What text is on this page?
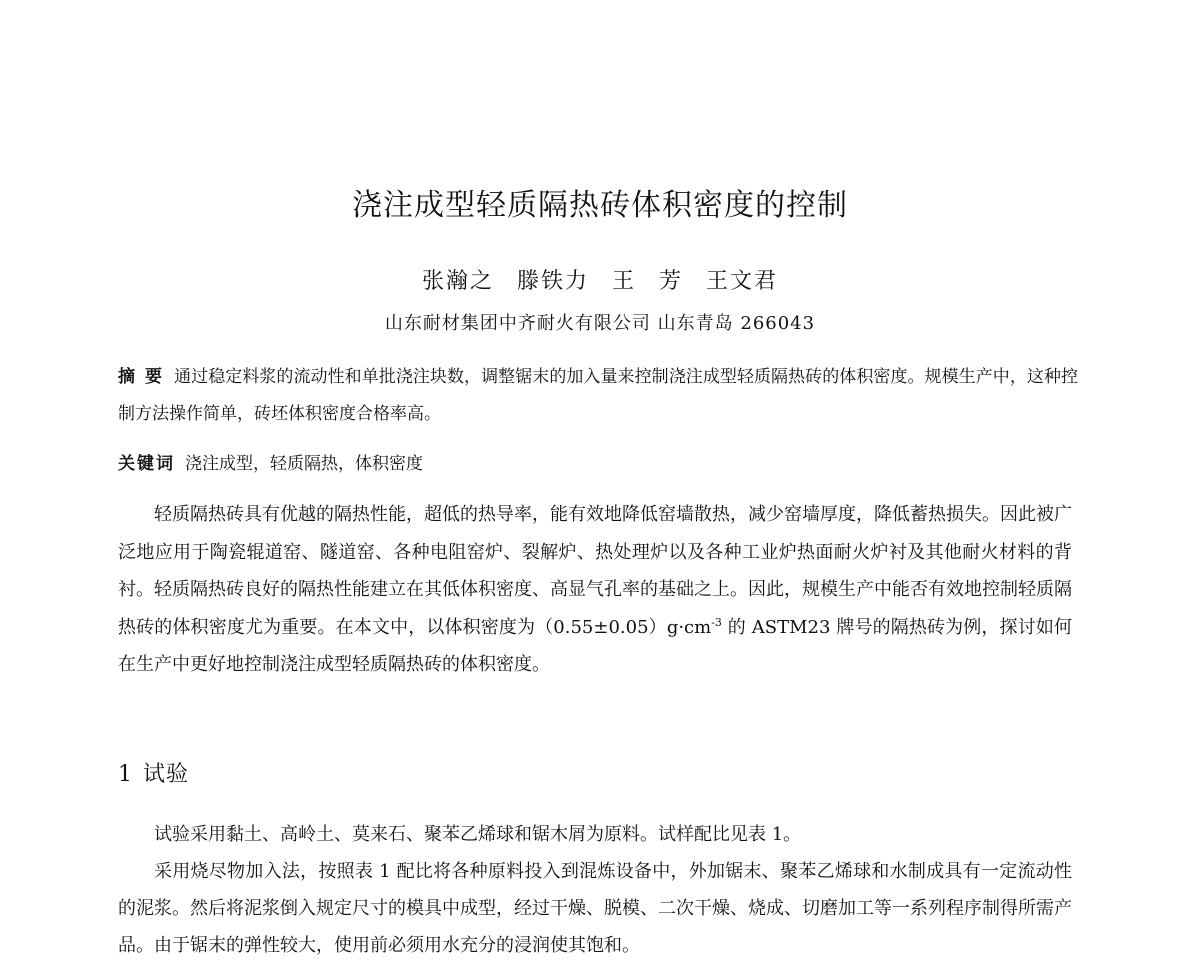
浇注成型轻质隔热砖体积密度的控制
张瀚之 滕铁力 王 芳 王文君
山东耐材集团中齐耐火有限公司 山东青岛 266043
摘 要 通过稳定料浆的流动性和单批浇注块数，调整锯末的加入量来控制浇注成型轻质隔热砖的体积密度。规模生产中，这种控制方法操作简单，砖坯体积密度合格率高。
关键词 浇注成型，轻质隔热，体积密度

轻质隔热砖具有优越的隔热性能，超低的热导率，能有效地降低窑墙散热，减少窑墙厚度，降低蓄热损失。因此被广泛地应用于陶瓷辊道窑、隧道窑、各种电阻窑炉、裂解炉、热处理炉以及各种工业炉热面耐火炉衬及其他耐火材料的背衬。轻质隔热砖良好的隔热性能建立在其低体积密度、高显气孔率的基础之上。因此，规模生产中能否有效地控制轻质隔热砖的体积密度尤为重要。在本文中，以体积密度为$(0.55\pm 0.05)g\cdot cm^{-3}$ 的 ASTM23 牌号的隔热砖为例，探讨如何在生产中更好地控制浇注成型轻质隔热砖的体积密度。

1 试验

试验采用黏土、高岭土、莫来石、聚苯乙烯球和锯木屑为原料。试样配比见表 1。

采用烧尽物加入法，按照表 1 配比将各种原料投入到混炼设备中，外加锯末、聚苯乙烯球和水制成具有一定流动性的泥浆。然后将泥浆倒入规定尺寸的模具中成型，经过干燥、脱模、二次干燥、烧成、切磨加工等一系列程序制得所需产品。由于锯末的弹性较大，使用前必须用水充分的浸润使其饱和。
